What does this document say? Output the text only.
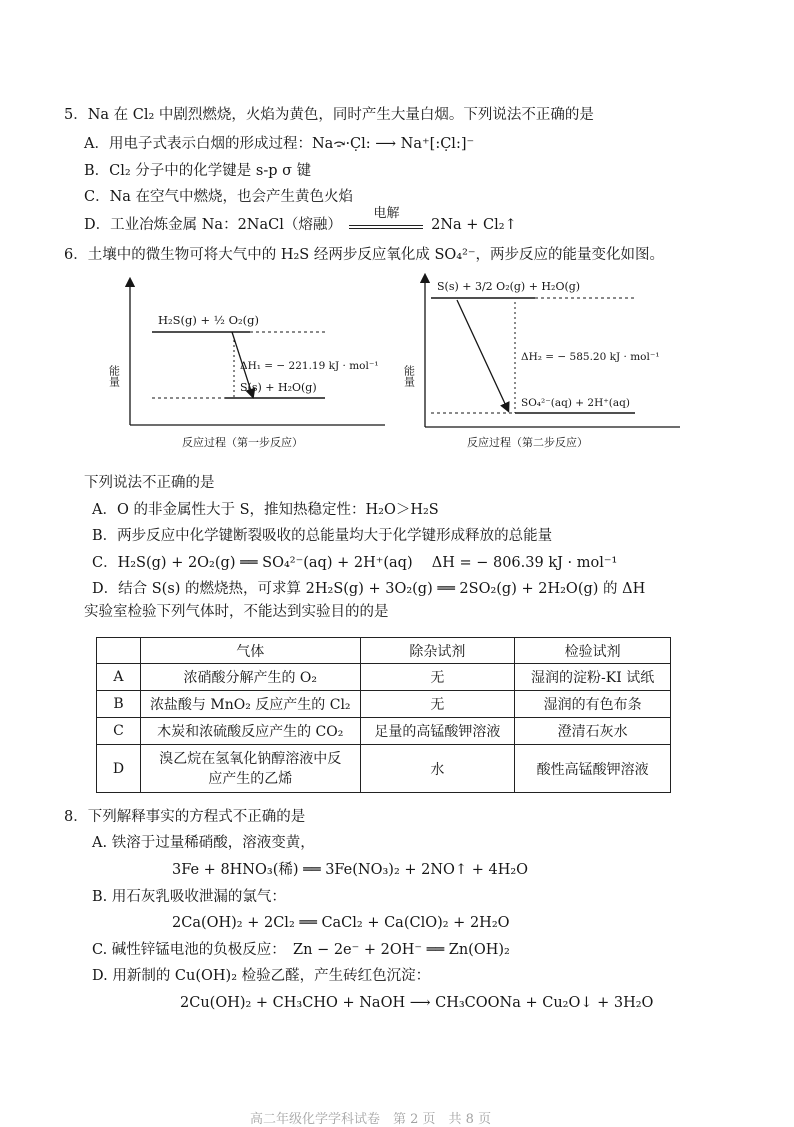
5．Na 在 Cl₂ 中剧烈燃烧，火焰为黄色，同时产生大量白烟。下列说法不正确的是
A．用电子式表示白烟的形成过程：Na⤼·C̣l: ⟶ Na⁺[:C̣l:]⁻
B．Cl₂ 分子中的化学键是 s-p σ 键
C．Na 在空气中燃烧，也会产生黄色火焰
D．工业冶炼金属 Na：2NaCl（熔融）
电解
2Na + Cl₂↑
6．土壤中的微生物可将大气中的 H₂S 经两步反应氧化成 SO₄²⁻，两步反应的能量变化如图。
能量
H₂S(g) + ½ O₂(g)
ΔH₁ = − 221.19 kJ · mol⁻¹
S(s) + H₂O(g)
反应过程（第一步反应）
能量
S(s) + 3/2 O₂(g) + H₂O(g)
ΔH₂ = − 585.20 kJ · mol⁻¹
SO₄²⁻(aq) + 2H⁺(aq)
反应过程（第二步反应）
下列说法不正确的是
A．O 的非金属性大于 S，推知热稳定性：H₂O＞H₂S
B．两步反应中化学键断裂吸收的总能量均大于化学键形成释放的总能量
C．H₂S(g) + 2O₂(g) ══ SO₄²⁻(aq) + 2H⁺(aq)　 ΔH = − 806.39 kJ · mol⁻¹
D．结合 S(s) 的燃烧热，可求算 2H₂S(g) + 3O₂(g) ══ 2SO₂(g) + 2H₂O(g) 的 ΔH
实验室检验下列气体时，不能达到实验目的的是
	气体	除杂试剂	检验试剂
A	浓硝酸分解产生的 O₂	无	湿润的淀粉-KI 试纸
B	浓盐酸与 MnO₂ 反应产生的 Cl₂	无	湿润的有色布条
C	木炭和浓硫酸反应产生的 CO₂	足量的高锰酸钾溶液	澄清石灰水
D	溴乙烷在氢氧化钠醇溶液中反应产生的乙烯	水	酸性高锰酸钾溶液
8．下列解释事实的方程式不正确的是
A. 铁溶于过量稀硝酸，溶液变黄，
3Fe + 8HNO₃(稀) ══ 3Fe(NO₃)₂ + 2NO↑ + 4H₂O
B. 用石灰乳吸收泄漏的氯气：
2Ca(OH)₂ + 2Cl₂ ══ CaCl₂ + Ca(ClO)₂ + 2H₂O
C. 碱性锌锰电池的负极反应：　Zn − 2e⁻ + 2OH⁻ ══ Zn(OH)₂
D. 用新制的 Cu(OH)₂ 检验乙醛，产生砖红色沉淀：
2Cu(OH)₂ + CH₃CHO + NaOH ⟶ CH₃COONa + Cu₂O↓ + 3H₂O
高二年级化学学科试卷　第 2 页　共 8 页
